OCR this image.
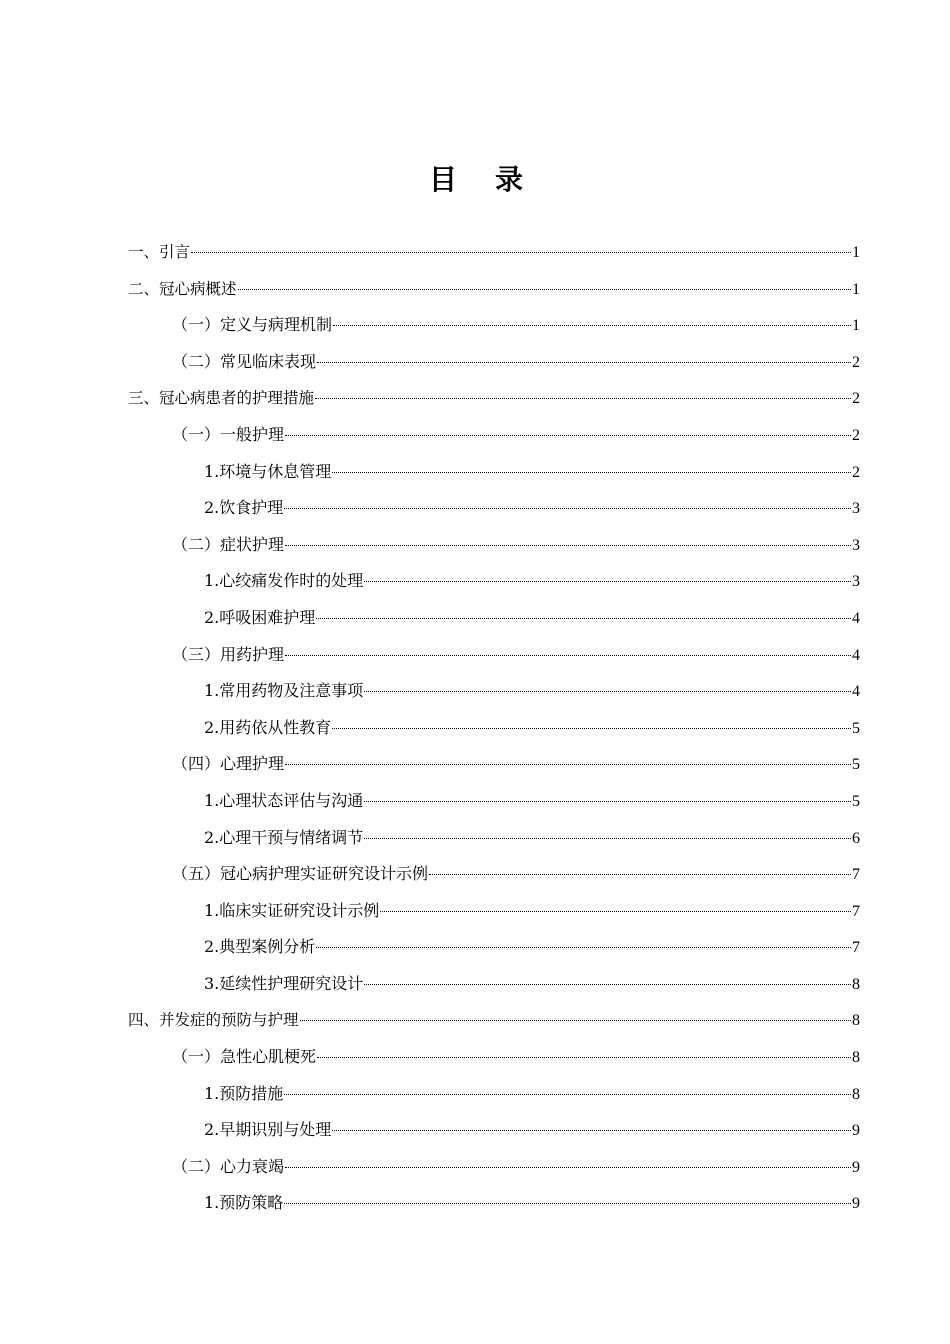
目录
一、引言	1
二、冠心病概述	1
（一）定义与病理机制	1
（二）常见临床表现	2
三、冠心病患者的护理措施	2
（一）一般护理	2
1.环境与休息管理	2
2.饮食护理	3
（二）症状护理	3
1.心绞痛发作时的处理	3
2.呼吸困难护理	4
（三）用药护理	4
1.常用药物及注意事项	4
2.用药依从性教育	5
（四）心理护理	5
1.心理状态评估与沟通	5
2.心理干预与情绪调节	6
（五）冠心病护理实证研究设计示例	7
1.临床实证研究设计示例	7
2.典型案例分析	7
3.延续性护理研究设计	8
四、并发症的预防与护理	8
（一）急性心肌梗死	8
1.预防措施	8
2.早期识别与处理	9
（二）心力衰竭	9
1.预防策略	9
